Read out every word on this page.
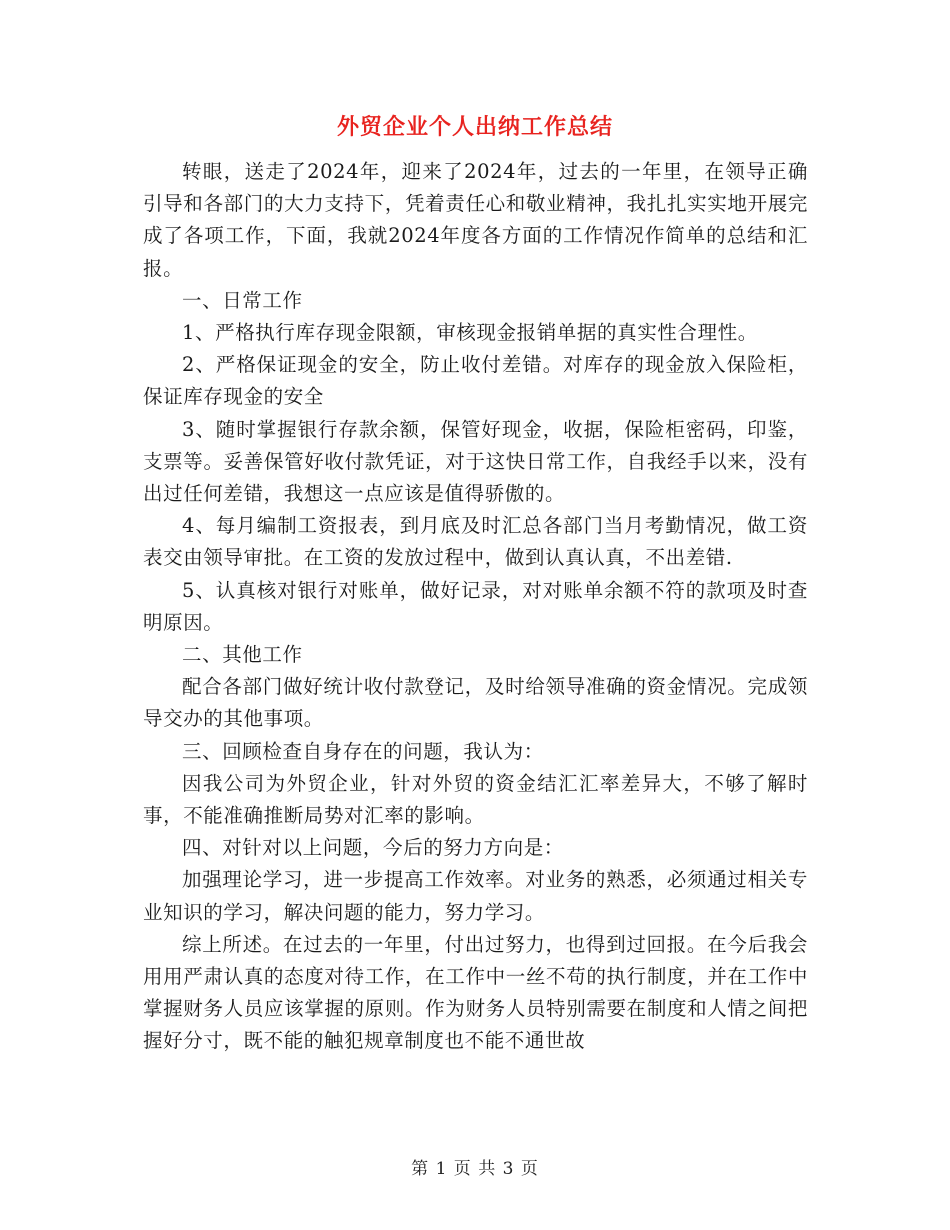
外贸企业个人出纳工作总结

转眼，送走了2024年，迎来了2024年，过去的一年里，在领导正确引导和各部门的大力支持下，凭着责任心和敬业精神，我扎扎实实地开展完成了各项工作，下面，我就2024年度各方面的工作情况作简单的总结和汇报。

一、日常工作

1、严格执行库存现金限额，审核现金报销单据的真实性合理性。

2、严格保证现金的安全，防止收付差错。对库存的现金放入保险柜，保证库存现金的安全

3、随时掌握银行存款余额，保管好现金，收据，保险柜密码，印鉴，支票等。妥善保管好收付款凭证，对于这快日常工作，自我经手以来，没有出过任何差错，我想这一点应该是值得骄傲的。

4、每月编制工资报表，到月底及时汇总各部门当月考勤情况，做工资表交由领导审批。在工资的发放过程中，做到认真认真，不出差错.

5、认真核对银行对账单，做好记录，对对账单余额不符的款项及时查明原因。

二、其他工作

配合各部门做好统计收付款登记，及时给领导准确的资金情况。完成领导交办的其他事项。

三、回顾检查自身存在的问题，我认为：

因我公司为外贸企业，针对外贸的资金结汇汇率差异大，不够了解时事，不能准确推断局势对汇率的影响。

四、对针对以上问题，今后的努力方向是：

加强理论学习，进一步提高工作效率。对业务的熟悉，必须通过相关专业知识的学习，解决问题的能力，努力学习。

综上所述。在过去的一年里，付出过努力，也得到过回报。在今后我会用用严肃认真的态度对待工作，在工作中一丝不苟的执行制度，并在工作中掌握财务人员应该掌握的原则。作为财务人员特别需要在制度和人情之间把握好分寸，既不能的触犯规章制度也不能不通世故

第 1 页 共 3 页
